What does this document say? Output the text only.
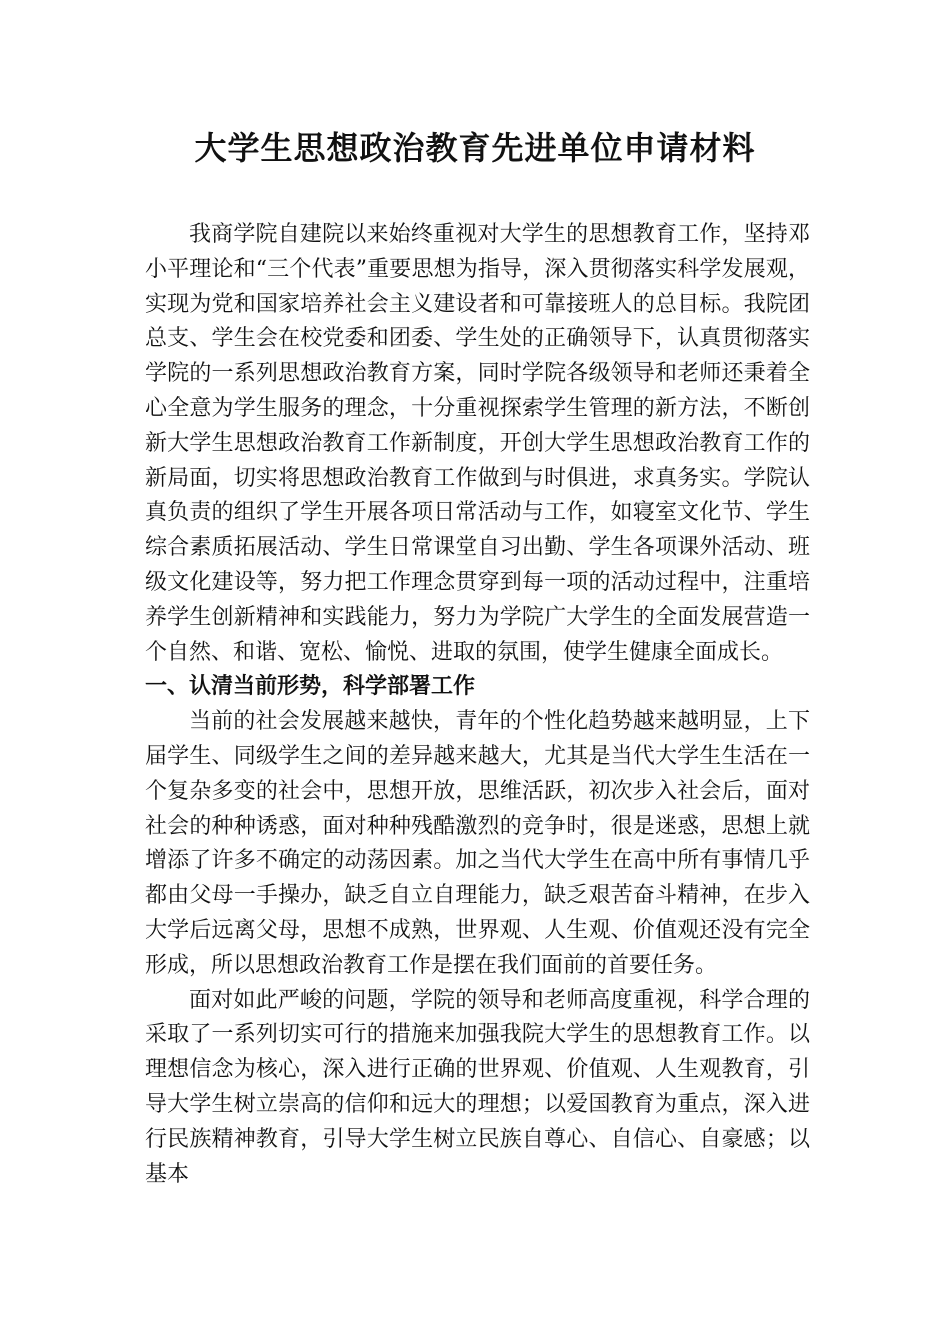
大学生思想政治教育先进单位申请材料

我商学院自建院以来始终重视对大学生的思想教育工作，坚持邓小平理论和“三个代表”重要思想为指导，深入贯彻落实科学发展观，实现为党和国家培养社会主义建设者和可靠接班人的总目标。我院团总支、学生会在校党委和团委、学生处的正确领导下，认真贯彻落实学院的一系列思想政治教育方案，同时学院各级领导和老师还秉着全心全意为学生服务的理念，十分重视探索学生管理的新方法，不断创新大学生思想政治教育工作新制度，开创大学生思想政治教育工作的新局面，切实将思想政治教育工作做到与时俱进，求真务实。学院认真负责的组织了学生开展各项日常活动与工作，如寝室文化节、学生综合素质拓展活动、学生日常课堂自习出勤、学生各项课外活动、班级文化建设等，努力把工作理念贯穿到每一项的活动过程中，注重培养学生创新精神和实践能力，努力为学院广大学生的全面发展营造一个自然、和谐、宽松、愉悦、进取的氛围，使学生健康全面成长。

一、认清当前形势，科学部署工作

当前的社会发展越来越快，青年的个性化趋势越来越明显，上下届学生、同级学生之间的差异越来越大，尤其是当代大学生生活在一个复杂多变的社会中，思想开放，思维活跃，初次步入社会后，面对社会的种种诱惑，面对种种残酷激烈的竞争时，很是迷惑，思想上就增添了许多不确定的动荡因素。加之当代大学生在高中所有事情几乎都由父母一手操办，缺乏自立自理能力，缺乏艰苦奋斗精神，在步入大学后远离父母，思想不成熟，世界观、人生观、价值观还没有完全形成，所以思想政治教育工作是摆在我们面前的首要任务。

面对如此严峻的问题，学院的领导和老师高度重视，科学合理的采取了一系列切实可行的措施来加强我院大学生的思想教育工作。以理想信念为核心，深入进行正确的世界观、价值观、人生观教育，引导大学生树立崇高的信仰和远大的理想；以爱国教育为重点，深入进行民族精神教育，引导大学生树立民族自尊心、自信心、自豪感；以基本
